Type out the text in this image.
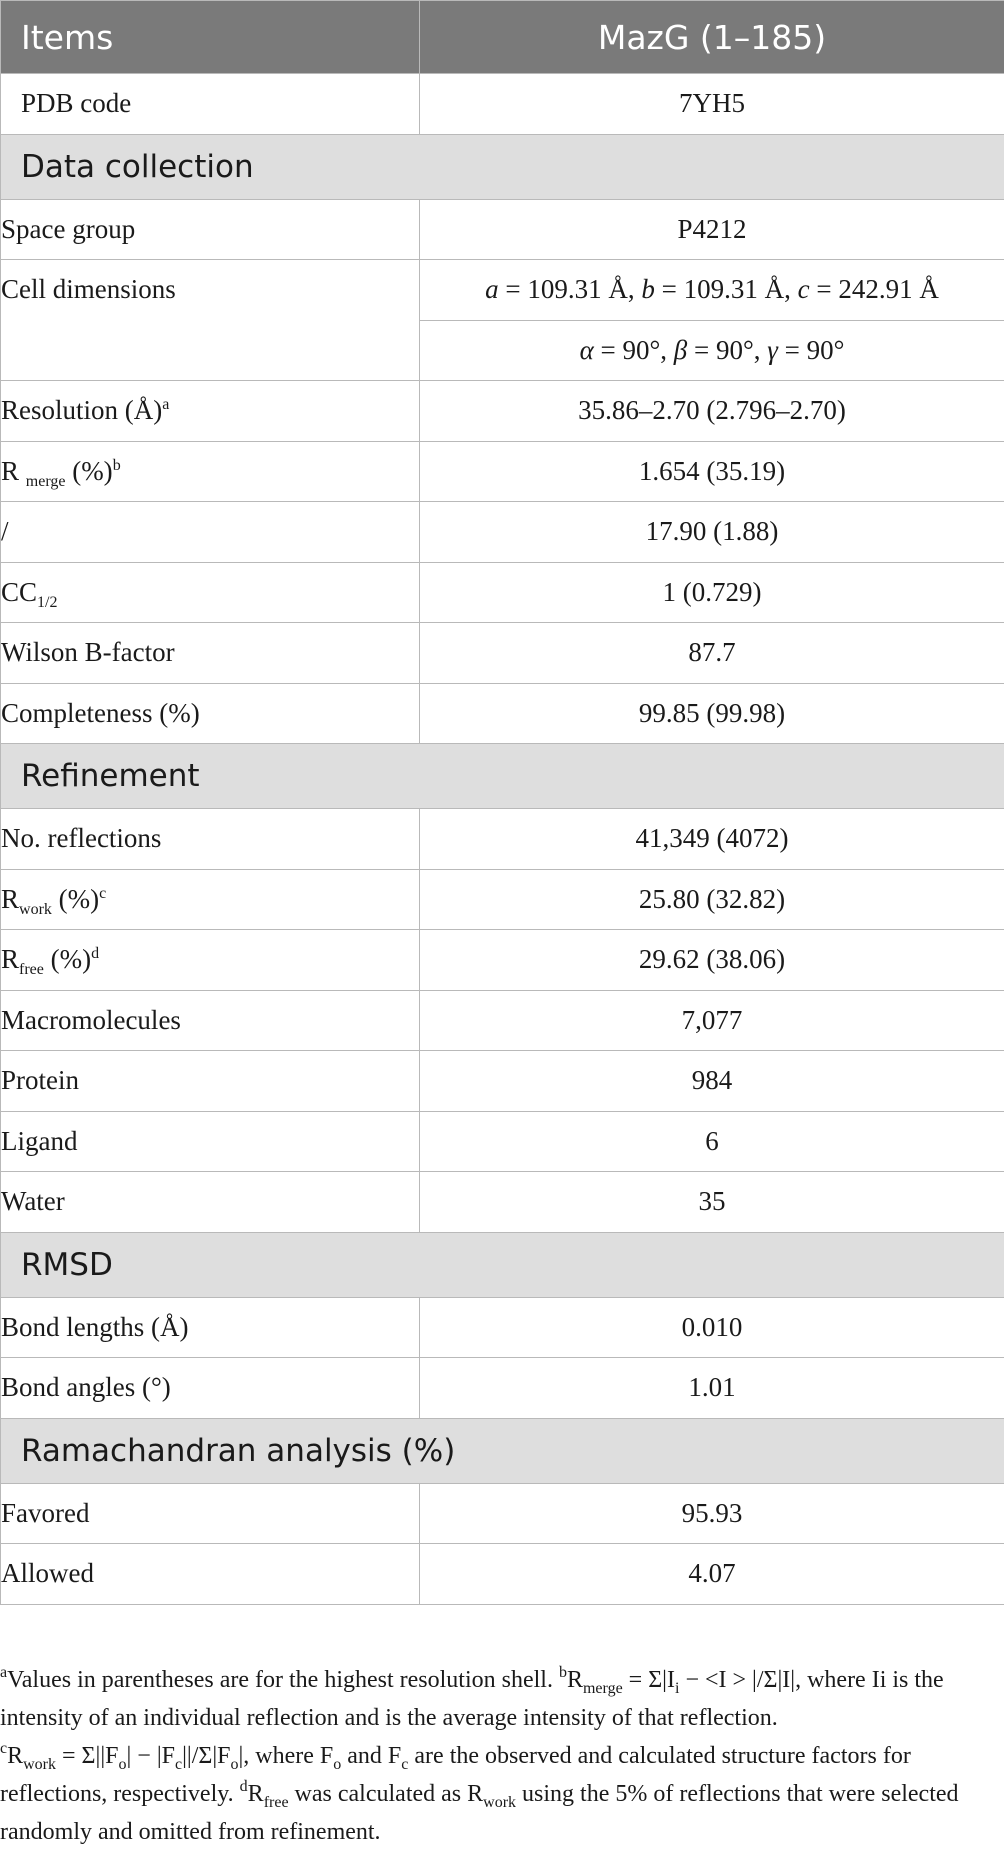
Items	MazG (1–185)
PDB code	7YH5
Data collection	
Space group	P4212
Cell dimensions	a = 109.31 Å, b = 109.31 Å, c = 242.91 Å
	α = 90°, β = 90°, γ = 90°
Resolution (Å)$^a$	35.86–2.70 (2.796–2.70)
R $_{merge}$ (%)$^b$	1.654 (35.19)
/	17.90 (1.88)
$CC_{1/2}$	1 (0.729)
Wilson B-factor	87.7
Completeness (%)	99.85 (99.98)
Refinement	
No. reflections	41,349 (4072)
$R_{work}$ (%)$^c$	25.80 (32.82)
$R_{free}$ (%)$^d$	29.62 (38.06)
Macromolecules	7,077
Protein	984
Ligand	6
Water	35
RMSD	
Bond lengths (Å)	0.010
Bond angles (°)	1.01
Ramachandran analysis (%)	
Favored	95.93
Allowed	4.07

$^a$Values in parentheses are for the highest resolution shell. $^bR_{merge} = \Sigma|I_i - <I > |/\Sigma|I|$, where Ii is the intensity of an individual reflection and is the average intensity of that reflection.
$^cR_{work} = \Sigma||F_o| - |F_c||/\Sigma|F_o|$, where $F_o$ and $F_c$ are the observed and calculated structure factors for reflections, respectively. $^dR_{free}$ was calculated as $R_{work}$ using the 5% of reflections that were selected randomly and omitted from refinement.
